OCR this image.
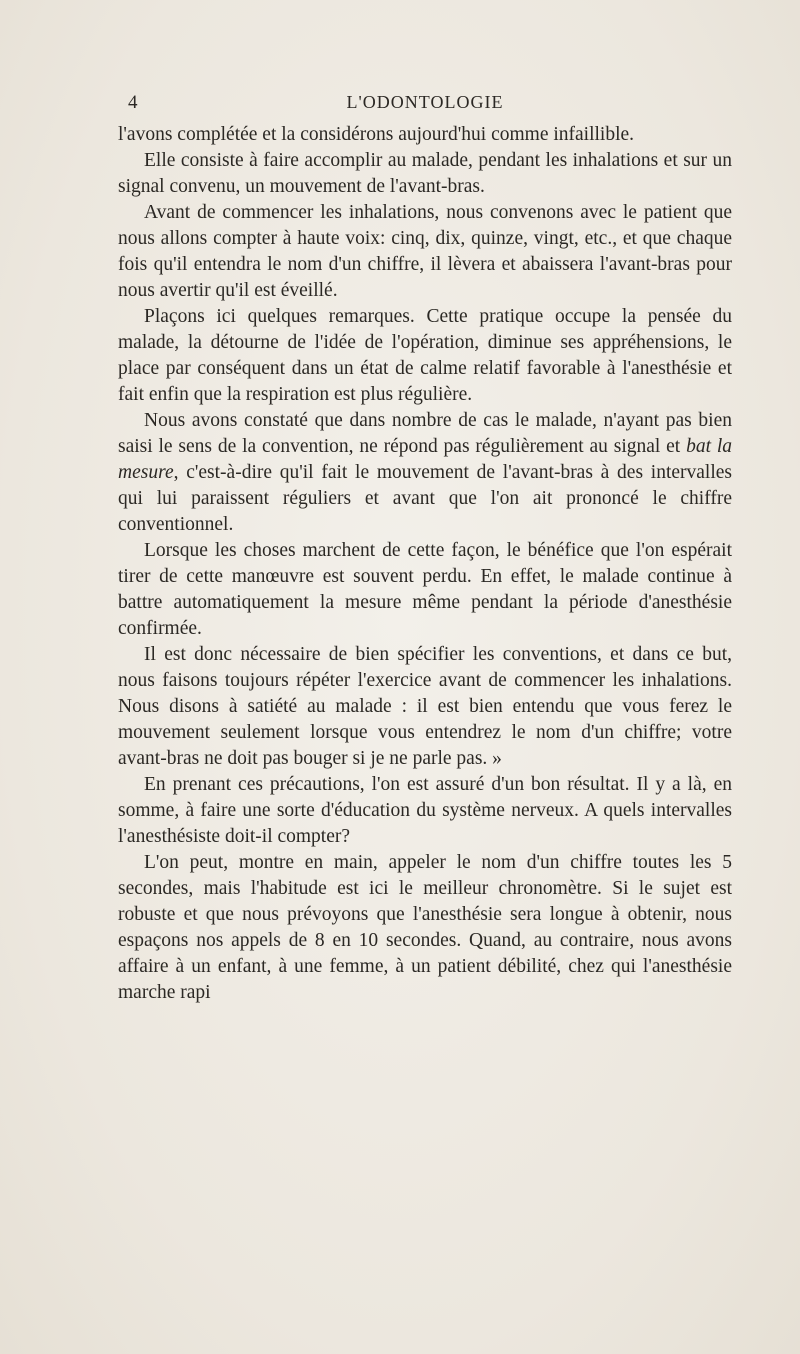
4	L'ODONTOLOGIE

l'avons complétée et la considérons aujourd'hui comme infaillible.

Elle consiste à faire accomplir au malade, pendant les inhalations et sur un signal convenu, un mouvement de l'avant-bras.

Avant de commencer les inhalations, nous convenons avec le patient que nous allons compter à haute voix: cinq, dix, quinze, vingt, etc., et que chaque fois qu'il entendra le nom d'un chiffre, il lèvera et abaissera l'avant-bras pour nous avertir qu'il est éveillé.

Plaçons ici quelques remarques. Cette pratique occupe la pensée du malade, la détourne de l'idée de l'opération, diminue ses appréhensions, le place par conséquent dans un état de calme relatif favorable à l'anesthésie et fait enfin que la respiration est plus régulière.

Nous avons constaté que dans nombre de cas le malade, n'ayant pas bien saisi le sens de la convention, ne répond pas régulièrement au signal et bat la mesure, c'est-à-dire qu'il fait le mouvement de l'avant-bras à des intervalles qui lui paraissent réguliers et avant que l'on ait prononcé le chiffre conventionnel.

Lorsque les choses marchent de cette façon, le bénéfice que l'on espérait tirer de cette manœuvre est souvent perdu. En effet, le malade continue à battre automatiquement la mesure même pendant la période d'anesthésie confirmée.

Il est donc nécessaire de bien spécifier les conventions, et dans ce but, nous faisons toujours répéter l'exercice avant de commencer les inhalations. Nous disons à satiété au malade : il est bien entendu que vous ferez le mouvement seulement lorsque vous entendrez le nom d'un chiffre; votre avant-bras ne doit pas bouger si je ne parle pas. »

En prenant ces précautions, l'on est assuré d'un bon résultat. Il y a là, en somme, à faire une sorte d'éducation du système nerveux. A quels intervalles l'anesthésiste doit-il compter?

L'on peut, montre en main, appeler le nom d'un chiffre toutes les 5 secondes, mais l'habitude est ici le meilleur chronomètre. Si le sujet est robuste et que nous prévoyons que l'anesthésie sera longue à obtenir, nous espaçons nos appels de 8 en 10 secondes. Quand, au contraire, nous avons affaire à un enfant, à une femme, à un patient débilité, chez qui l'anesthésie marche rapi
